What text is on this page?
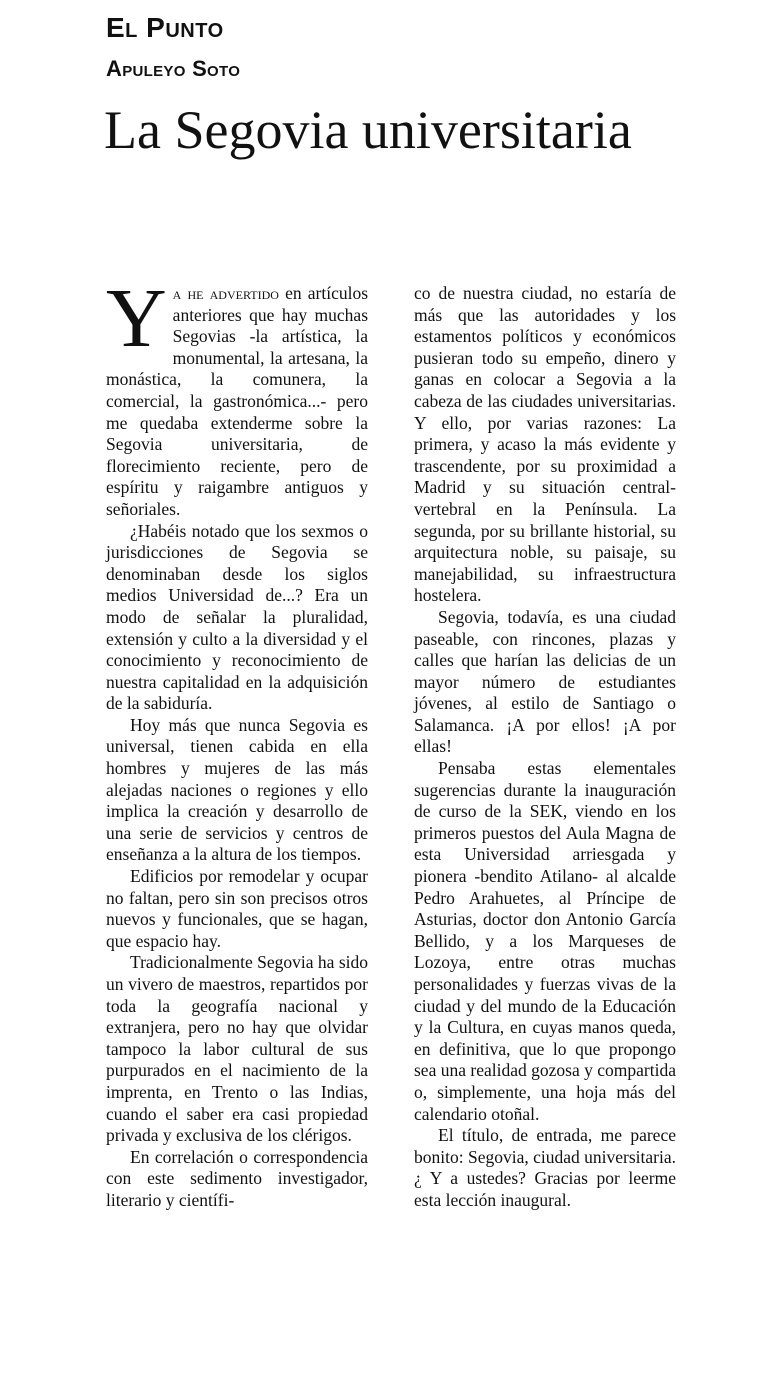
El Punto
Apuleyo Soto
La Segovia universitaria

Ya he advertido en artículos anteriores que hay muchas Segovias -la artística, la monumental, la artesana, la monástica, la comunera, la comercial, la gastronómica...- pero me quedaba extenderme sobre la Segovia universitaria, de florecimiento reciente, pero de espíritu y raigambre antiguos y señoriales.

¿Habéis notado que los sexmos o jurisdicciones de Segovia se denominaban desde los siglos medios Universidad de...? Era un modo de señalar la pluralidad, extensión y culto a la diversidad y el conocimiento y reconocimiento de nuestra capitalidad en la adquisición de la sabiduría.

Hoy más que nunca Segovia es universal, tienen cabida en ella hombres y mujeres de las más alejadas naciones o regiones y ello implica la creación y desarrollo de una serie de servicios y centros de enseñanza a la altura de los tiempos.

Edificios por remodelar y ocupar no faltan, pero sin son precisos otros nuevos y funcionales, que se hagan, que espacio hay.

Tradicionalmente Segovia ha sido un vivero de maestros, repartidos por toda la geografía nacional y extranjera, pero no hay que olvidar tampoco la labor cultural de sus purpurados en el nacimiento de la imprenta, en Trento o las Indias, cuando el saber era casi propiedad privada y exclusiva de los clérigos.

En correlación o correspondencia con este sedimento investigador, literario y científi-

co de nuestra ciudad, no estaría de más que las autoridades y los estamentos políticos y económicos pusieran todo su empeño, dinero y ganas en colocar a Segovia a la cabeza de las ciudades universitarias. Y ello, por varias razones: La primera, y acaso la más evidente y trascendente, por su proximidad a Madrid y su situación central-vertebral en la Península. La segunda, por su brillante historial, su arquitectura noble, su paisaje, su manejabilidad, su infraestructura hostelera.

Segovia, todavía, es una ciudad paseable, con rincones, plazas y calles que harían las delicias de un mayor número de estudiantes jóvenes, al estilo de Santiago o Salamanca. ¡A por ellos! ¡A por ellas!

Pensaba estas elementales sugerencias durante la inauguración de curso de la SEK, viendo en los primeros puestos del Aula Magna de esta Universidad arriesgada y pionera -bendito Atilano- al alcalde Pedro Arahuetes, al Príncipe de Asturias, doctor don Antonio García Bellido, y a los Marqueses de Lozoya, entre otras muchas personalidades y fuerzas vivas de la ciudad y del mundo de la Educación y la Cultura, en cuyas manos queda, en definitiva, que lo que propongo sea una realidad gozosa y compartida o, simplemente, una hoja más del calendario otoñal.

El título, de entrada, me parece bonito: Segovia, ciudad universitaria. ¿ Y a ustedes? Gracias por leerme esta lección inaugural.
